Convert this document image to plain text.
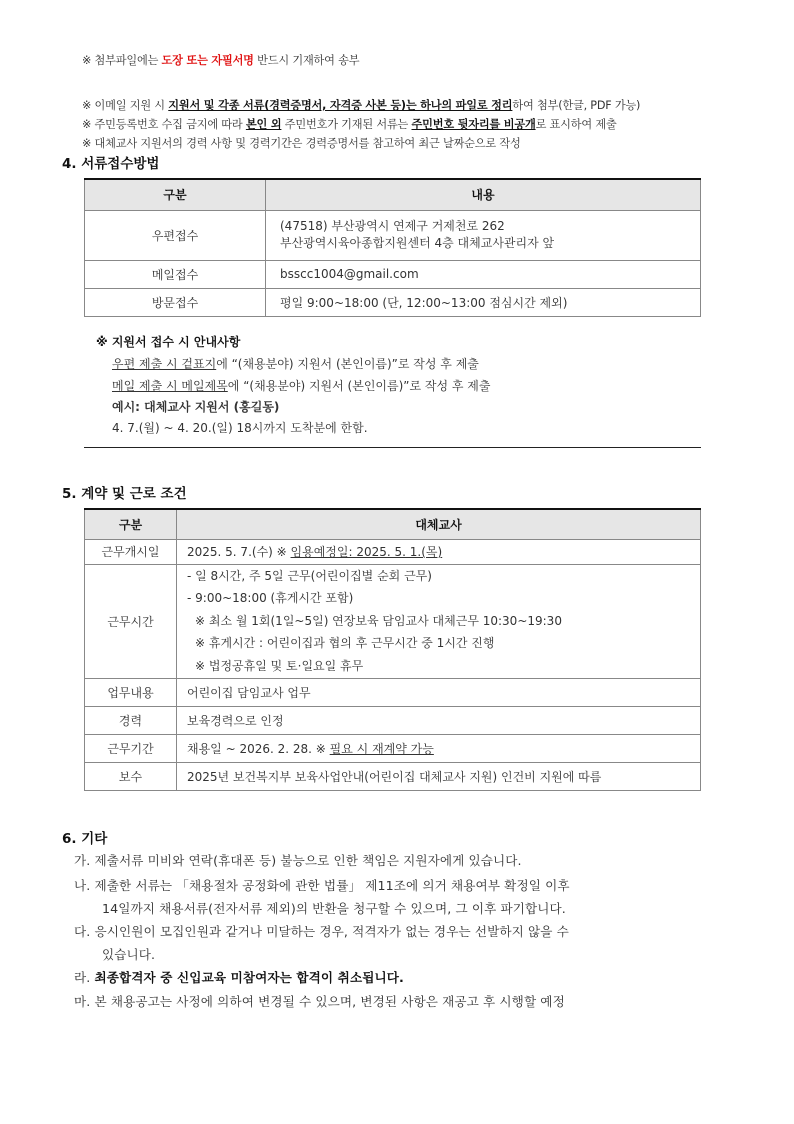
※ 첨부파일에는 도장 또는 자필서명 반드시 기재하여 송부
※ 이메일 지원 시 지원서 및 각종 서류(경력증명서, 자격증 사본 등)는 하나의 파일로 정리하여 첨부(한글, PDF 가능)
※ 주민등록번호 수집 금지에 따라 본인 외 주민번호가 기재된 서류는 주민번호 뒷자리를 비공개로 표시하여 제출
※ 대체교사 지원서의 경력 사항 및 경력기간은 경력증명서를 참고하여 최근 날짜순으로 작성
4. 서류접수방법
구분	내용
우편접수	(47518) 부산광역시 연제구 거제천로 262
부산광역시육아종합지원센터 4층 대체교사관리자 앞

메일접수	bsscc1004@gmail.com
방문접수	평일 9:00~18:00 (단, 12:00~13:00 점심시간 제외)
※ 지원서 접수 시 안내사항
우편 제출 시 겉표지에 “(채용분야) 지원서 (본인이름)”로 작성 후 제출
메일 제출 시 메일제목에 “(채용분야) 지원서 (본인이름)”로 작성 후 제출
예시: 대체교사 지원서 (홍길동)
4. 7.(월) ~ 4. 20.(일) 18시까지 도착분에 한함.
5. 계약 및 근로 조건
구분	대체교사
근무개시일	2025. 5. 7.(수) ※ 임용예정일: 2025. 5. 1.(목)
근무시간	- 일 8시간, 주 5일 근무(어린이집별 순회 근무)
- 9:00~18:00 (휴게시간 포함)
※ 최소 월 1회(1일~5일) 연장보육 담임교사 대체근무 10:30~19:30
※ 휴게시간 : 어린이집과 협의 후 근무시간 중 1시간 진행
※ 법정공휴일 및 토·일요일 휴무

업무내용	어린이집 담임교사 업무
경력	보육경력으로 인정
근무기간	채용일 ~ 2026. 2. 28. ※ 필요 시 재계약 가능
보수	2025년 보건복지부 보육사업안내(어린이집 대체교사 지원) 인건비 지원에 따름
6. 기타
가. 제출서류 미비와 연락(휴대폰 등) 불능으로 인한 책임은 지원자에게 있습니다.
나. 제출한 서류는 「채용절차 공정화에 관한 법률」 제11조에 의거 채용여부 확정일 이후
14일까지 채용서류(전자서류 제외)의 반환을 청구할 수 있으며, 그 이후 파기합니다.
다. 응시인원이 모집인원과 같거나 미달하는 경우, 적격자가 없는 경우는 선발하지 않을 수
있습니다.
라. 최종합격자 중 신입교육 미참여자는 합격이 취소됩니다.
마. 본 채용공고는 사정에 의하여 변경될 수 있으며, 변경된 사항은 재공고 후 시행할 예정
